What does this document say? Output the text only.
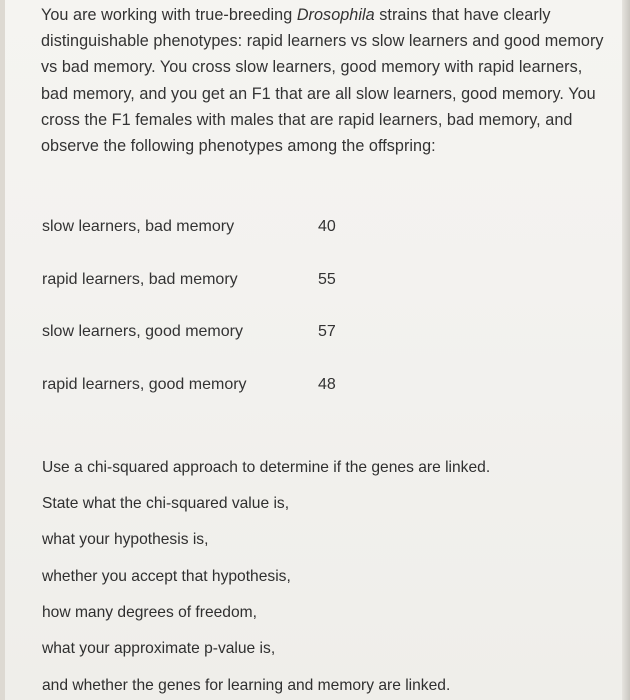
You are working with true-breeding Drosophila strains that have clearly distinguishable phenotypes: rapid learners vs slow learners and good memory vs bad memory. You cross slow learners, good memory with rapid learners, bad memory, and you get an F1 that are all slow learners, good memory. You cross the F1 females with males that are rapid learners, bad memory, and observe the following phenotypes among the offspring:
slow learners, bad memory	40
rapid learners, bad memory	55
slow learners, good memory	57
rapid learners, good memory	48
Use a chi-squared approach to determine if the genes are linked.
State what the chi-squared value is,
what your hypothesis is,
whether you accept that hypothesis,
how many degrees of freedom,
what your approximate p-value is,
and whether the genes for learning and memory are linked.
